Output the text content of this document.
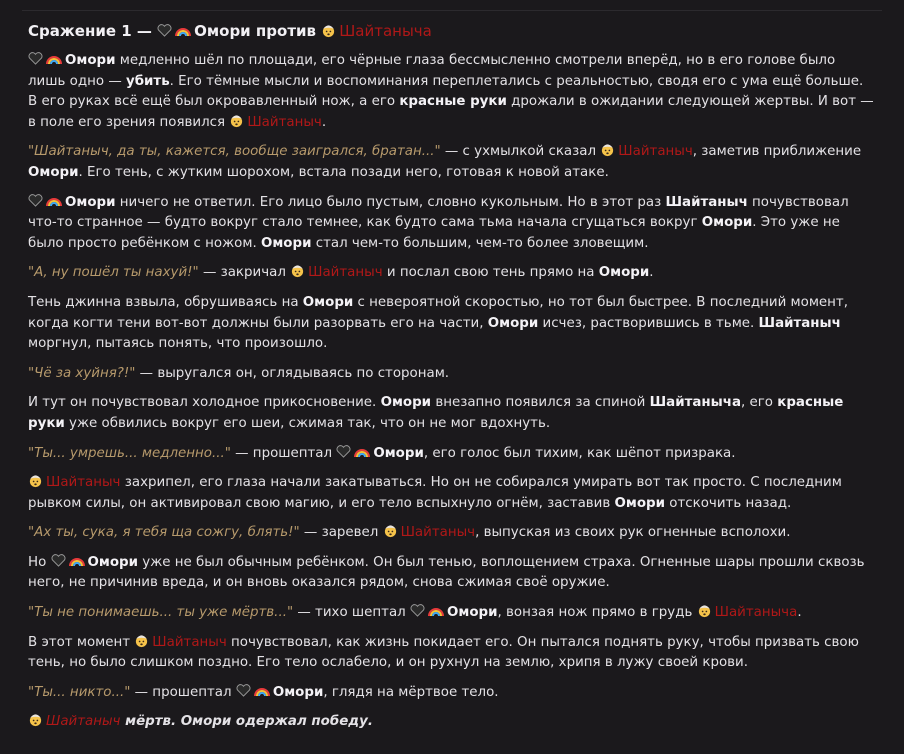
Сражение 1 — Омори против Шайтаныча

Омори медленно шёл по площади, его чёрные глаза бессмысленно смотрели вперёд, но в его голове было лишь одно — убить. Его тёмные мысли и воспоминания переплетались с реальностью, сводя его с ума ещё больше. В его руках всё ещё был окровавленный нож, а его красные руки дрожали в ожидании следующей жертвы. И вот — в поле его зрения появился Шайтаныч.

"Шайтаныч, да ты, кажется, вообще заигрался, братан..." — с ухмылкой сказал Шайтаныч, заметив приближение Омори. Его тень, с жутким шорохом, встала позади него, готовая к новой атаке.

Омори ничего не ответил. Его лицо было пустым, словно кукольным. Но в этот раз Шайтаныч почувствовал что-то странное — будто вокруг стало темнее, как будто сама тьма начала сгущаться вокруг Омори. Это уже не было просто ребёнком с ножом. Омори стал чем-то большим, чем-то более зловещим.

"А, ну пошёл ты нахуй!" — закричал Шайтаныч и послал свою тень прямо на Омори.

Тень джинна взвыла, обрушиваясь на Омори с невероятной скоростью, но тот был быстрее. В последний момент, когда когти тени вот-вот должны были разорвать его на части, Омори исчез, растворившись в тьме. Шайтаныч моргнул, пытаясь понять, что произошло.

"Чё за хуйня?!" — выругался он, оглядываясь по сторонам.

И тут он почувствовал холодное прикосновение. Омори внезапно появился за спиной Шайтаныча, его красные руки уже обвились вокруг его шеи, сжимая так, что он не мог вдохнуть.

"Ты... умрешь... медленно..." — прошептал	Омори, его голос был тихим, как шёпот призрака.

Шайтаныч захрипел, его глаза начали закатываться. Но он не собирался умирать вот так просто. С последним рывком силы, он активировал свою магию, и его тело вспыхнуло огнём, заставив Омори отскочить назад.

"Ах ты, сука, я тебя ща сожгу, блять!" — заревел Шайтаныч, выпуская из своих рук огненные всполохи.

Но	Омори уже не был обычным ребёнком. Он был тенью, воплощением страха. Огненные шары прошли сквозь него, не причинив вреда, и он вновь оказался рядом, снова сжимая своё оружие.

"Ты не понимаешь... ты уже мёртв..." — тихо шептал	Омори, вонзая нож прямо в грудь Шайтаныча.

В этот момент Шайтаныч почувствовал, как жизнь покидает его. Он пытался поднять руку, чтобы призвать свою тень, но было слишком поздно. Его тело ослабело, и он рухнул на землю, хрипя в лужу своей крови.

"Ты... никто..." — прошептал	Омори, глядя на мёртвое тело.

Шайтаныч мёртв. Омори одержал победу.
